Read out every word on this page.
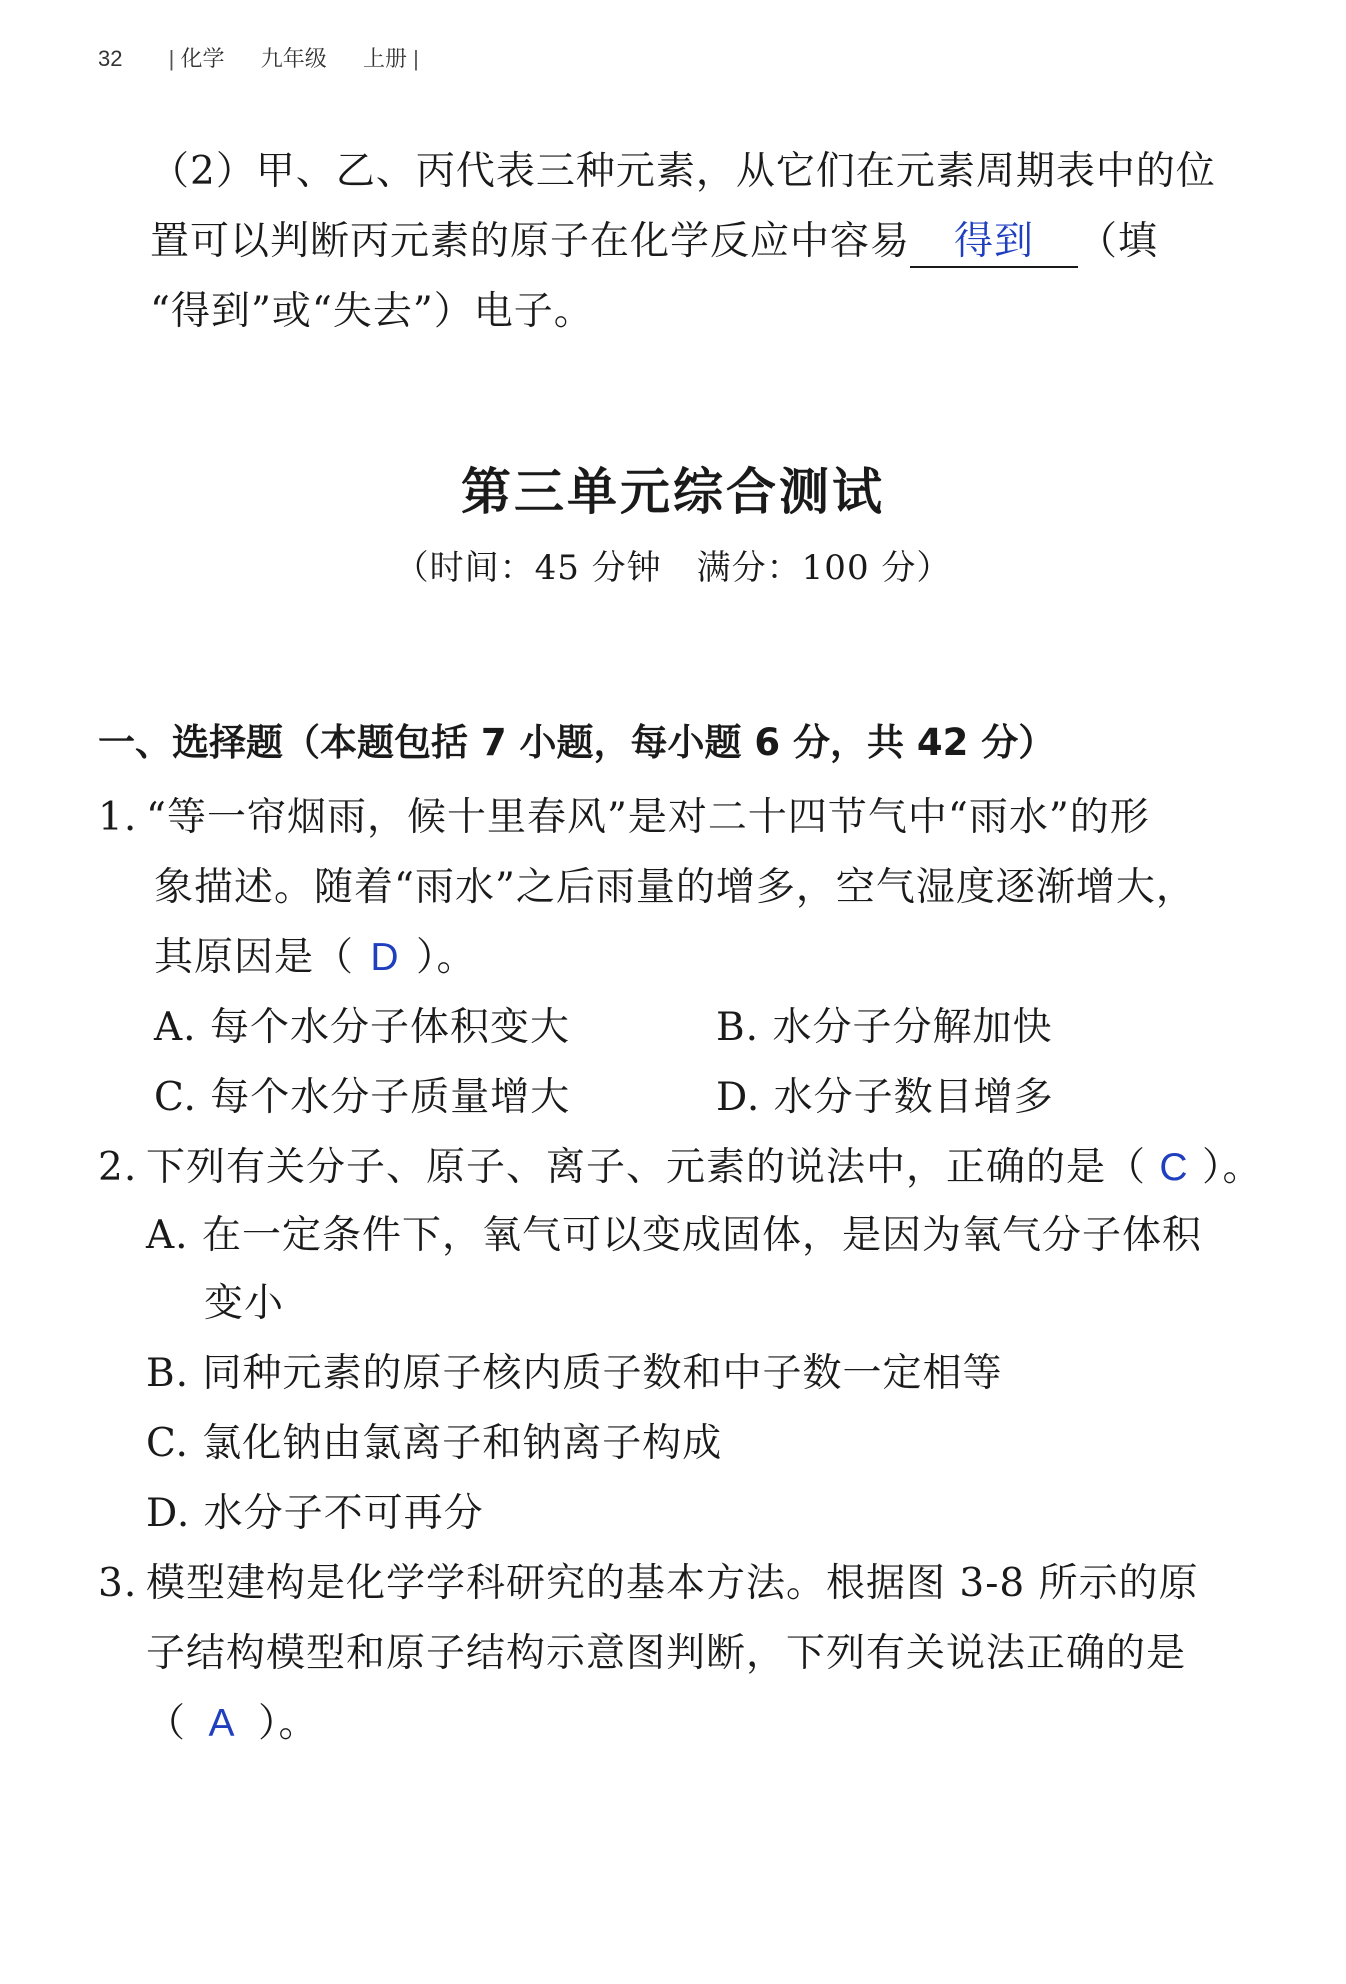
32 | 化学 九年级 上册 |
（2）甲、乙、丙代表三种元素，从它们在元素周期表中的位
置可以判断丙元素的原子在化学反应中容易 得到 （填
“得到”或“失去”）电子。
第三单元综合测试
（时间：45 分钟　满分：100 分）
一、选择题（本题包括 7 小题，每小题 6 分，共 42 分）
1. “等一帘烟雨，候十里春风”是对二十四节气中“雨水”的形
象描述。随着“雨水”之后雨量的增多，空气湿度逐渐增大，
其原因是（ D ）。
A. 每个水分子体积变大	B. 水分子分解加快
C. 每个水分子质量增大	D. 水分子数目增多
2. 下列有关分子、原子、离子、元素的说法中，正确的是（ C ）。
A. 在一定条件下，氧气可以变成固体，是因为氧气分子体积
变小
B. 同种元素的原子核内质子数和中子数一定相等
C. 氯化钠由氯离子和钠离子构成
D. 水分子不可再分
3. 模型建构是化学学科研究的基本方法。根据图 3-8 所示的原
子结构模型和原子结构示意图判断，下列有关说法正确的是
（ A ）。
